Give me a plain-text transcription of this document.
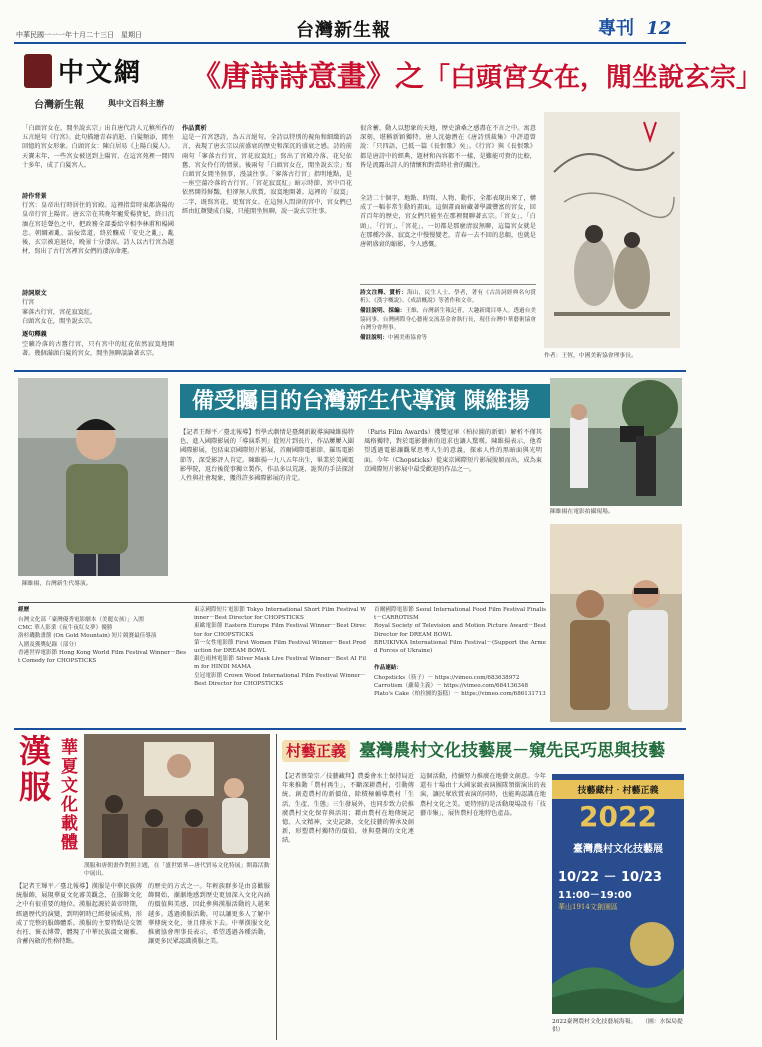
中華民國一一一年十月二十三日　星期日	台灣新生報	專刊 12
中文網
台灣新生報	與中文百科主辦
《唐詩詩意畫》之「白頭宮女在，閒坐說玄宗」
「白頭宮女在，閒坐說玄宗」出自唐代詩人元稹所作的五言絕句《行宮》。此句描繪青春消逝、白髮頻添，閒坐回憶的宮女形象。白頭宮女：陳白居易《上陽白髮人》。天寶末年，一些宮女被送到上陽宮，在這宮苑裡一閒四十多年，成了白髮宮人。
詩作背景
行宮：皇帝出行時居住的宮殿。這裡指當時東都洛陽的皇帝行宮上陽宮。唐玄宗在其晚年寵愛楊貴妃，終日沉湎在宮廷聲色之中，把政務全部委給宰相李林甫和楊國忠。朝綱紊亂、諂佞當道，終於釀成「安史之亂」，亂後，玄宗被迫退位，晚景十分淒涼。詩人以古行宮為題材，寫出了古行宮裡宮女們的淒涼命運。
詩詞原文
行宮
寥落古行宮，宮花寂寞紅。
白頭宮女在，閒坐說玄宗。
逐句釋義
空曠冷落的古舊行宮，只有宮中的紅花依然寂寞地開著。幾個滿頭白髮的宮女，閒坐無聊談論著玄宗。
作品賞析
這是一首宮怨詩，為五言絕句。全詩以特別的視角和細緻的語言，表現了唐玄宗以前盛衰的歷史和深沉的盛衰之感。詩的前兩句「寥落古行宮，宮花寂寞紅」寫出了宮殿冷落、花兒依舊、宮女伶仃的情景。後兩句「白頭宮女在，閒坐說玄宗」寫白頭宮女閒坐無事，漫談往事。「寥落古行宮」指明地點，是一座空蕩冷落的古行宮。「宮花寂寞紅」暗示時節，宮中百花依然開得鮮豔，但卻無人欣賞，寂寞地開著。這裡的「寂寞」二字，既寫宮花，更寫宮女。在這無人問津的宮中，宮女們已經由紅顏變成白髮，只能閒坐無聊，說一說玄宗往事。
很含蓄、動人以想象的天地，歷史滄桑之感盡在不言之中。寓意深刻，堪稱新穎獨特。唐人沈德潛在《唐詩別裁集》中評道曾說：「只四語，已抵一篇《長恨歌》矣」。《行宮》與《長恨歌》都是唐詩中的經典，題材和內容都不一樣，是難能可貴的比較，皆是流露出詩人的情懷和對當時社會的關注。
全詩二十個字，地點、時間、人物、動作，全都表現出來了，構成了一幅非常生動的畫面。這個畫面暗藏著學識豐富的宮女，回首百年的歷史，宮女們只能坐在那裡閒聊著玄宗。「宮女」、「白頭」、「行宮」、「宮花」，一切都是那麼清寂無聊，這篇宮女就是在那種冷落、寂寞之中慢慢變老，青春一去不回的悲劇，也就是唐朝盛衰的縮影，令人感慨。
詩文注釋、賞析：海山，民生人士、學者，著有《古詩詞經典名句賞析》、《漢字概說》、《成語概說》等著作和文章。
備註說明、採編：王維，台灣新生報記者，大趣新聞目專人。透過台美協同事，台灣國際身心藝術交流基金會執行長，現任台灣中華藝術協會台灣分會理事。
備註說明：中國美術協會等
作者：王恆，中國美術協會理事長。
陳維揚，台灣新生代導演。
備受矚目的台灣新生代導演 陳維揚
【記者王輝平／臺北報導】哲學式劇情是臺灣新銳導演陳維揚特色，進入國際影展的「導演系列」從短片到長片，作品屢屢入圍國際影展，包括東京國際短片影展、首爾國際電影節、羅馬電影節等，深受影評人肯定。陳維揚一九八五年出生，畢業於美國電影學院，返台後從事獨立製作，作品多以荒誕、詭異的手法探討人性與社會現象，獲得許多國際影展的肯定。
（Paris Film Awards）獲雙冠軍（柏拉圖的新娘）解析不僅其風格獨特，對於電影藝術的追求也讓人驚嘆。陳維揚表示，他希望透過電影讓觀眾思考人生的意義，探索人性的黑暗面與光明面。今年（Chopsticks）從東京國際短片影展脫穎而出，成為東京國際短片影展中最受歡迎的作品之一。
陳維揚在電影拍攝現場。
經歷
台灣文化部「臺灣優秀電影劇本（美麗女孩）」入圍
CMC 華人影業《夜牛夜紅女夢》優勝
洛杉磯動畫節 (On Gold Mountain) 短片競賽最佳導演
入圍及獲獎紀錄（部分）
香港世界電影節 Hong Kong World Film Festival Winner－Best Comedy for CHOPSTICKS
東京國際短片電影節 Tokyo International Short Film Festival Winner－Best Director for CHOPSTICKS
東歐電影節 Eastern Europe Film Festival Winner－Best Director for CHOPSTICKS
第一女性電影節 First Women Film Festival Winner－Best Production for DREAM BOWL
銀色雨林電影節 Silver Mask Live Festival Winner－Best AI Film for HINDI MAMA
皇冠電影節 Crown Wood International Film Festival Winner－Best Director for CHOPSTICKS
首爾國際電影節 Seoul International Food Film Festival Finalist－CARROTISM
Royal Society of Television and Motion Picture Award－Best Director for DREAM BOWL
BRUIKIVKA International Film Festival－(Support the Armed Forces of Ukraine)
作品連結：
Chopsticks（筷子）－ https://vimeo.com/683638972
Carrotism（蘿蔔主義）－ https://vimeo.com/684136348
Plato's Cake（柏拉圖的蛋糕）－ https://vimeo.com/686131713
漢服 華夏文化載體
漢服和唐朝畫作對照主題，在「盛世繁華—唐代貿易文化特展」開幕活動中展出。
【記者王輝平／臺北報導】漢服是中華民族傳統服飾，展現華夏文化審美觀念，在服飾文化之中有很重要的地位。漢服起源於黃帝時期，經過歷代的演變，到明朝時已經發展成熟，形成了完整的服飾體系。漢服的主要特點是交領右衽、褒衣博帶，體現了中華民族溫文爾雅、含蓄內斂的性格特點。
的歷史的方式之一。年輕族群多是由喜歡服飾開始，漸漸地感到歷史更加深入文化內涵的價值與美感，因此參與漢服活動的人越來越多。透過漢服活動，可以讓更多人了解中華傳統文化，並且傳承下去。中華漢服文化推廣協會理事長表示，希望透過各種活動，讓更多民眾認識漢服之美。
村藝正義 臺灣農村文化技藝展－窺先民巧思與技藝
【記者蔡榮宗／技藝藏拜】農委會水土保持局近年來推動「農村再生」，不斷深耕農村，引動傳統、創造農村的新價值，除積極輔導農村「生活、生產、生態」三生發展外，也同步致力於推廣農村文化保存與活用；藉由農村在地傳統記憶，人文精神，文史記錄，文化技藝的傳承及創新，形塑農村獨特的價值，並與臺灣的文化連結。
這個活動，持續努力推廣在地藝文創意。今年還有十場由十大國家級表演團隊領銜演出的表演，讓民眾欣賞表演的同時，也能夠認識在地農村文化之美。更特別的是活動現場設有「技藝市集」，展售農村在地特色產品。
技藝藏村‧村藝正義
2022
臺灣農村文化技藝展
10/22 － 10/23
11:00－19:00
華山1914文創園區
2022臺灣農村文化技藝展海報。 （圖：水保局提供）
